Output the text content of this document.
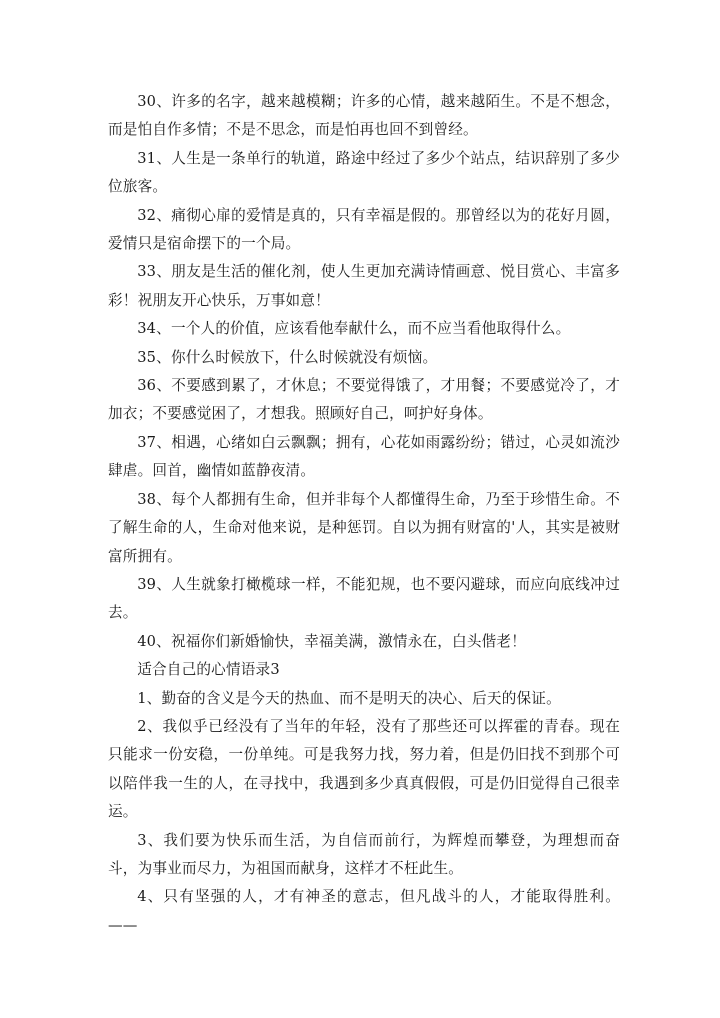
30、许多的名字，越来越模糊；许多的心情，越来越陌生。不是不想念，而是怕自作多情；不是不思念，而是怕再也回不到曾经。

31、人生是一条单行的轨道，路途中经过了多少个站点，结识辞别了多少位旅客。

32、痛彻心扉的爱情是真的，只有幸福是假的。那曾经以为的花好月圆，爱情只是宿命摆下的一个局。

33、朋友是生活的催化剂，使人生更加充满诗情画意、悦目赏心、丰富多彩！祝朋友开心快乐，万事如意！

34、一个人的价值，应该看他奉献什么，而不应当看他取得什么。

35、你什么时候放下，什么时候就没有烦恼。

36、不要感到累了，才休息；不要觉得饿了，才用餐；不要感觉冷了，才加衣；不要感觉困了，才想我。照顾好自己，呵护好身体。

37、相遇，心绪如白云飘飘；拥有，心花如雨露纷纷；错过，心灵如流沙肆虐。回首，幽情如蓝静夜清。

38、每个人都拥有生命，但并非每个人都懂得生命，乃至于珍惜生命。不了解生命的人，生命对他来说，是种惩罚。自以为拥有财富的'人，其实是被财富所拥有。

39、人生就象打橄榄球一样，不能犯规，也不要闪避球，而应向底线冲过去。

40、祝福你们新婚愉快，幸福美满，激情永在，白头偕老！

适合自己的心情语录3

1、勤奋的含义是今天的热血、而不是明天的决心、后天的保证。

2、我似乎已经没有了当年的年轻，没有了那些还可以挥霍的青春。现在只能求一份安稳，一份单纯。可是我努力找，努力着，但是仍旧找不到那个可以陪伴我一生的人，在寻找中，我遇到多少真真假假，可是仍旧觉得自己很幸运。

3、我们要为快乐而生活，为自信而前行，为辉煌而攀登，为理想而奋斗，为事业而尽力，为祖国而献身，这样才不枉此生。

4、只有坚强的人，才有神圣的意志，但凡战斗的人，才能取得胜利。——
